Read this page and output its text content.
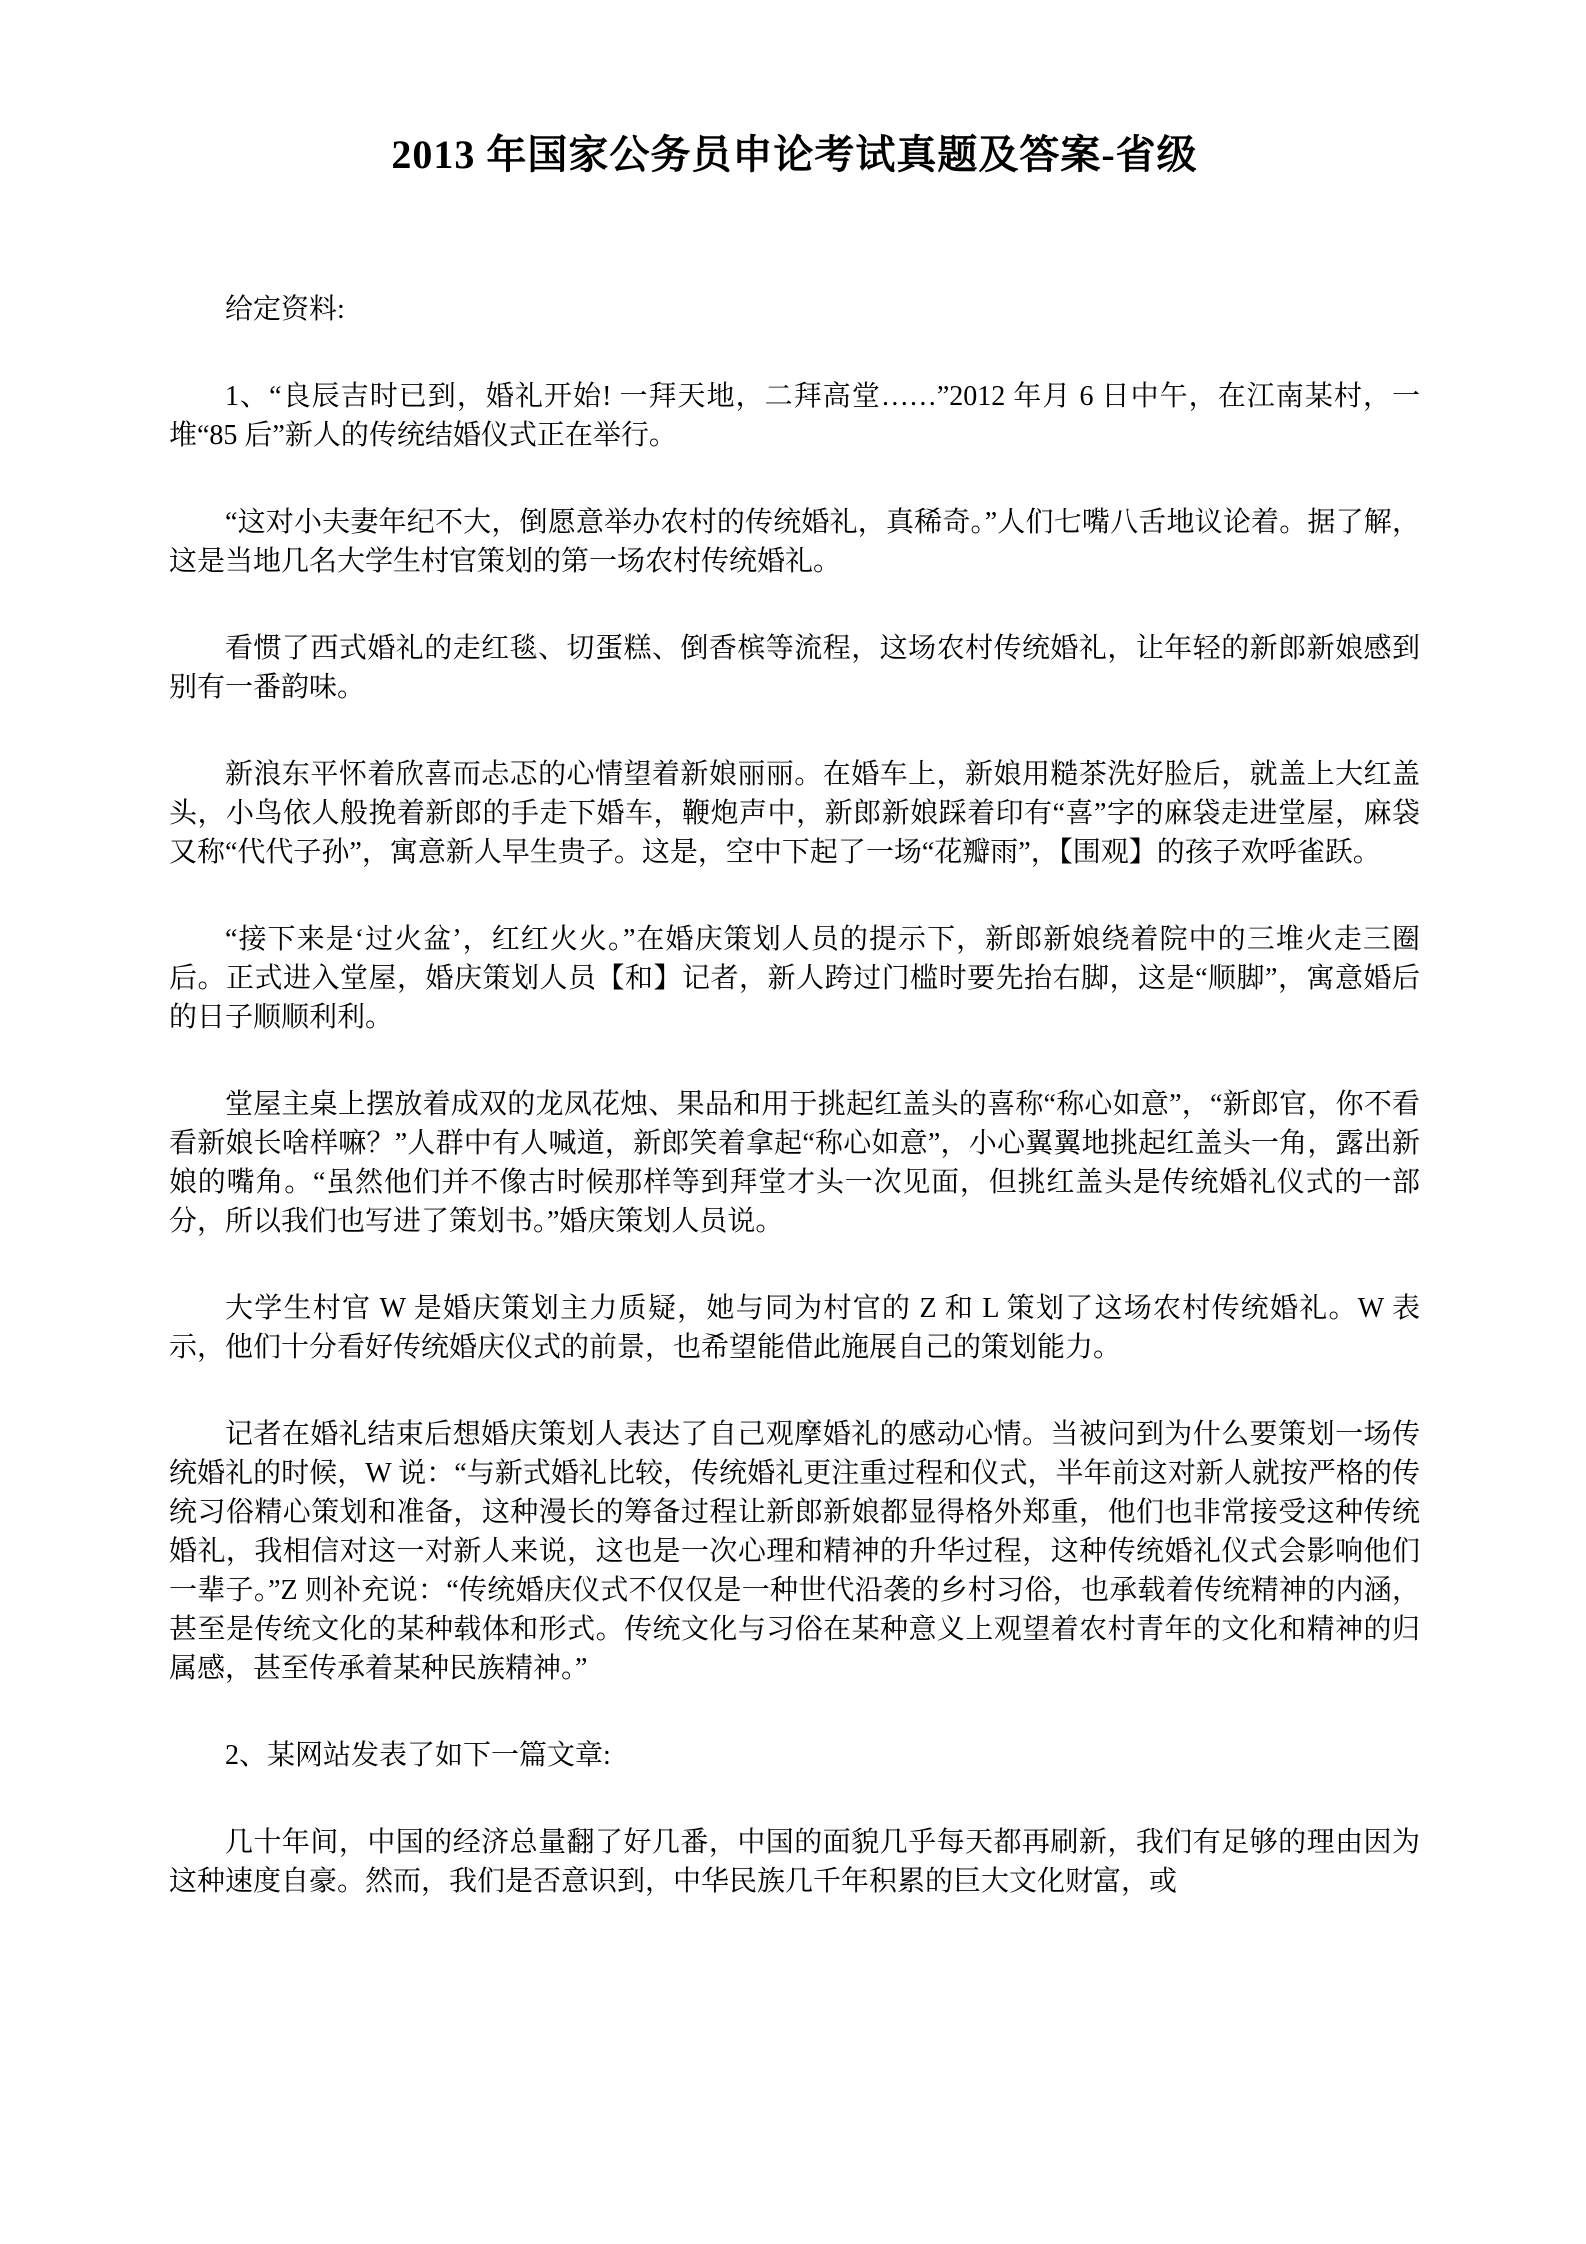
2013 年国家公务员申论考试真题及答案-省级
给定资料:

1、“良辰吉时已到，婚礼开始! 一拜天地，二拜高堂……”2012 年月 6 日中午，在江南某村，一堆“85 后”新人的传统结婚仪式正在举行。

“这对小夫妻年纪不大，倒愿意举办农村的传统婚礼，真稀奇。”人们七嘴八舌地议论着。据了解，这是当地几名大学生村官策划的第一场农村传统婚礼。

看惯了西式婚礼的走红毯、切蛋糕、倒香槟等流程，这场农村传统婚礼，让年轻的新郎新娘感到别有一番韵味。

新浪东平怀着欣喜而忐忑的心情望着新娘丽丽。在婚车上，新娘用糙茶洗好脸后，就盖上大红盖头，小鸟依人般挽着新郎的手走下婚车，鞭炮声中，新郎新娘踩着印有“喜”字的麻袋走进堂屋，麻袋又称“代代子孙”，寓意新人早生贵子。这是，空中下起了一场“花瓣雨”，【围观】的孩子欢呼雀跃。

“接下来是‘过火盆’，红红火火。”在婚庆策划人员的提示下，新郎新娘绕着院中的三堆火走三圈后。正式进入堂屋，婚庆策划人员【和】记者，新人跨过门槛时要先抬右脚，这是“顺脚”，寓意婚后的日子顺顺利利。

堂屋主桌上摆放着成双的龙凤花烛、果品和用于挑起红盖头的喜称“称心如意”，“新郎官，你不看看新娘长啥样嘛？”人群中有人喊道，新郎笑着拿起“称心如意”，小心翼翼地挑起红盖头一角，露出新娘的嘴角。“虽然他们并不像古时候那样等到拜堂才头一次见面，但挑红盖头是传统婚礼仪式的一部分，所以我们也写进了策划书。”婚庆策划人员说。

大学生村官 W 是婚庆策划主力质疑，她与同为村官的 Z 和 L 策划了这场农村传统婚礼。W 表示，他们十分看好传统婚庆仪式的前景，也希望能借此施展自己的策划能力。

记者在婚礼结束后想婚庆策划人表达了自己观摩婚礼的感动心情。当被问到为什么要策划一场传统婚礼的时候，W 说：“与新式婚礼比较，传统婚礼更注重过程和仪式，半年前这对新人就按严格的传统习俗精心策划和准备，这种漫长的筹备过程让新郎新娘都显得格外郑重，他们也非常接受这种传统婚礼，我相信对这一对新人来说，这也是一次心理和精神的升华过程，这种传统婚礼仪式会影响他们一辈子。”Z 则补充说：“传统婚庆仪式不仅仅是一种世代沿袭的乡村习俗，也承载着传统精神的内涵，甚至是传统文化的某种载体和形式。传统文化与习俗在某种意义上观望着农村青年的文化和精神的归属感，甚至传承着某种民族精神。”

2、某网站发表了如下一篇文章:

几十年间，中国的经济总量翻了好几番，中国的面貌几乎每天都再刷新，我们有足够的理由因为这种速度自豪。然而，我们是否意识到，中华民族几千年积累的巨大文化财富，或
